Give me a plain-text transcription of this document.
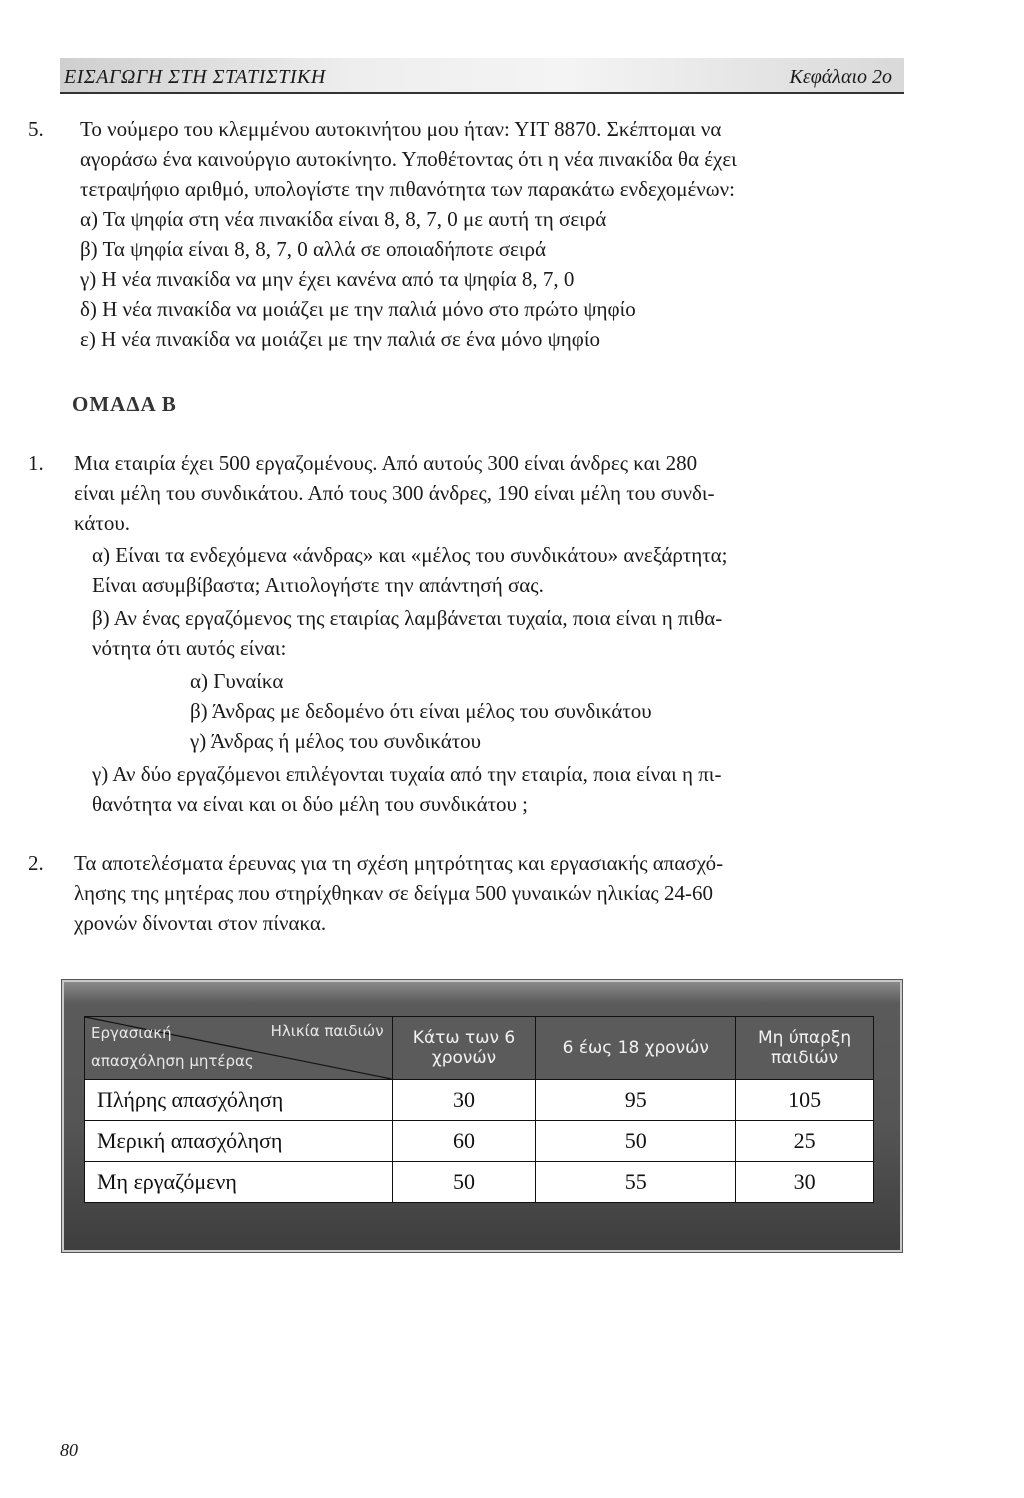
ΕΙΣΑΓΩΓΗ ΣΤΗ ΣΤΑΤΙΣΤΙΚΗ	Κεφάλαιο 2ο
5. Το νούμερο του κλεμμένου αυτοκινήτου μου ήταν: ΥΙΤ 8870. Σκέπτομαι να
αγοράσω ένα καινούργιο αυτοκίνητο. Υποθέτοντας ότι η νέα πινακίδα θα έχει
τετραψήφιο αριθμό, υπολογίστε την πιθανότητα των παρακάτω ενδεχομένων:
α) Τα ψηφία στη νέα πινακίδα είναι 8, 8, 7, 0 με αυτή τη σειρά
β) Τα ψηφία είναι 8, 8, 7, 0 αλλά σε οποιαδήποτε σειρά
γ) Η νέα πινακίδα να μην έχει κανένα από τα ψηφία 8, 7, 0
δ) Η νέα πινακίδα να μοιάζει με την παλιά μόνο στο πρώτο ψηφίο
ε) Η νέα πινακίδα να μοιάζει με την παλιά σε ένα μόνο ψηφίο
ΟΜΑΔΑ Β
1. Μια εταιρία έχει 500 εργαζομένους. Από αυτούς 300 είναι άνδρες και 280
είναι μέλη του συνδικάτου. Από τους 300 άνδρες, 190 είναι μέλη του συνδι-
κάτου.
α) Είναι τα ενδεχόμενα «άνδρας» και «μέλος του συνδικάτου» ανεξάρτητα;
Είναι ασυμβίβαστα; Αιτιολογήστε την απάντησή σας.
β) Αν ένας εργαζόμενος της εταιρίας λαμβάνεται τυχαία, ποια είναι η πιθα-
νότητα ότι αυτός είναι:
α) Γυναίκα
β) Άνδρας με δεδομένο ότι είναι μέλος του συνδικάτου
γ) Άνδρας ή μέλος του συνδικάτου
γ) Αν δύο εργαζόμενοι επιλέγονται τυχαία από την εταιρία, ποια είναι η πι-
θανότητα να είναι και οι δύο μέλη του συνδικάτου ;
2. Τα αποτελέσματα έρευνας για τη σχέση μητρότητας και εργασιακής απασχό-
λησης της μητέρας που στηρίχθηκαν σε δείγμα 500 γυναικών ηλικίας 24-60
χρονών δίνονται στον πίνακα.
Εργασιακή Ηλικία παιδιών
απασχόληση μητέρας	Κάτω των 6 χρονών	6 έως 18 χρονών	Μη ύπαρξη παιδιών
Πλήρης απασχόληση	30	95	105
Μερική απασχόληση	60	50	25
Μη εργαζόμενη	50	55	30
80
